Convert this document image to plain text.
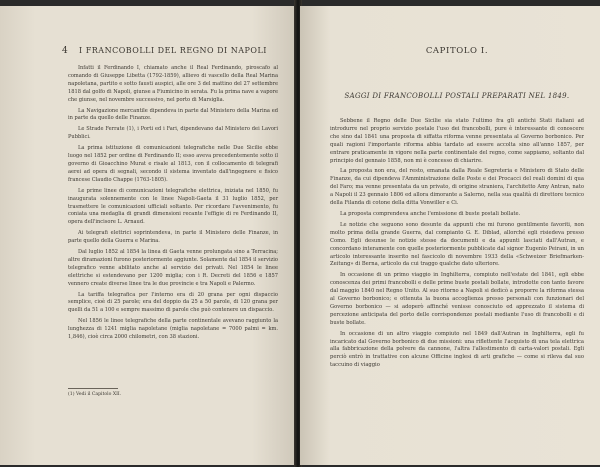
4 I FRANCOBOLLI DEL REGNO DI NAPOLI

Infatti il Ferdinando I, chiamato anche il Real Ferdinando, piroscafo al comando di Giuseppe Libetta (1792-1859), allievo di vascello della Real Marina napoletana, partito e sotto fausti auspici, alle ore 3 del mattino del 27 settembre 1818 dal golfo di Napoli, giunse a Fiumicino in serata. Fu la prima nave a vapore che giunse, nel novembre successivo, nel porto di Marsiglia.

La Navigazione mercantile dipendeva in parte dal Ministero della Marina ed in parte da quello delle Finanze.

Le Strade Ferrate (1), i Porti ed i Fari, dipendevano dal Ministero dei Lavori Pubblici.

La prima istituzione di comunicazioni telegrafiche nelle Due Sicilie ebbe luogo nel 1852 per ordine di Ferdinando II; esso aveva precedentemente sotto il governo di Gioacchino Murat e risale al 1813, con il collocamento di telegrafi aerei ad opera di segnali, secondo il sistema inventato dall'ingegnere e fisico francese Claudio Chappe (1763-1805).

Le prime linee di comunicazioni telegrafiche elettrica, iniziata nel 1850, fu inaugurata solennemente con le linee Napoli-Gaeta il 31 luglio 1852, per trasmettere le comunicazioni ufficiali soltanto. Per ricordare l'avvenimento, fu coniata una medaglia di grandi dimensioni recante l'effigie di re Ferdinando II, opera dell'incisore L. Arnaud.

Ai telegrafi elettrici soprintendeva, in parte il Ministero delle Finanze, in parte quello della Guerra e Marina.

Dal luglio 1852 al 1854 la linea di Gaeta venne prolungata sino a Terracina; altre diramazioni furono posteriormente aggiunte. Solamente dal 1854 il servizio telegrafico venne abilitato anche al servizio dei privati. Nel 1854 le linee elettriche si estendevano per 1200 miglia; con i R. Decreti del 1856 e 1857 vennero create diverse linee tra le due provincie e tra Napoli e Palermo.

La tariffa telegrafica per l'interno era di 20 grana per ogni dispaccio semplice, cioè di 25 parole; era del doppio da 25 a 50 parole, di 120 grana per quelli da 51 a 100 e sempre massimo di parole che può contenere un dispaccio.

Nel 1856 le linee telegrafiche della parte continentale avevano raggiunto la lunghezza di 1241 miglia napoletane (miglia napoletane = 7000 palmi = km. 1,846), cioè circa 2000 chilometri, con 38 stazioni.

(1) Vedi il Capitolo XII.
CAPITOLO I.
SAGGI DI FRANCOBOLLI POSTALI PREPARATI NEL 1849.

Sebbene il Regno delle Due Sicilie sia stato l'ultimo fra gli antichi Stati italiani ad introdurre nel proprio servizio postale l'uso dei francobolli, pure è interessante di conoscere che sino dal 1841 una proposta di siffatta riforma venne presentata al Governo borbonico. Per quali ragioni l'importante riforma abbia tardato ad essere accolta sino all'anno 1857, per entrare praticamente in vigore nella parte continentale del regno, come sappiamo, soltanto dal principio del gennaio 1858, non mi è concesso di chiarire.

La proposta non era, del resto, emanata dalla Reale Segreteria e Ministero di Stato delle Finanze, da cui dipendeva l'Amministrazione delle Poste e dei Procacci del reali domini di qua del Faro; ma venne presentata da un privato, di origine straniera, l'architetto Amy Antran, nato a Napoli il 23 gennaio 1806 ed allora dimorante a Salerno, nella sua qualità di direttore tecnico della Filanda di cotone della ditta Vonwiller e Ci.

La proposta comprendeva anche l'emissione di buste postali bollate.

Le notizie che seguono sono desunte da appunti che mi furono gentilmente favoriti, non molto prima della grande Guerra, dal compianto G. E. Diblad, allorché egli risiedeva presso Como. Egli desunse le notizie stesse da documenti e da appunti lasciati dall'Autran, e concordano interamente con quelle posteriormente pubblicate dal signor Eugenio Peirani, in un articolo interessante inserito nel fascicolo di novembre 1933 della «Schweizer Briefmarken-Zeitung» di Berna, articolo da cui traggo qualche dato ulteriore.

In occasione di un primo viaggio in Inghilterra, compiuto nell'estate del 1841, egli ebbe conoscenza dei primi francobolli e delle prime buste postali bollate, introdotte con tanto favore dal maggio 1840 nel Regno Unito. Al suo ritorno a Napoli si dedicò a proporre la riforma stessa al Governo borbonico; e ottenuta la buona accoglienza presso personali con funzionari del Governo borbonico — si adoperò affinché venisse conosciuto ed apprezzato il sistema di percezione anticipata del porto delle corrispondenze postali mediante l'uso di francobolli e di buste bollate.

In occasione di un altro viaggio compiuto nel 1849 dall'Autran in Inghilterra, egli fu incaricato dal Governo borbonico di due missioni: una riflettente l'acquisto di una tela elettrica alla fabbricazione della polvere da cannone, l'altra l'allestimento di carta-valori postali. Egli perciò entrò in trattative con alcune Officine inglesi di arti grafiche — come si rileva dal suo taccuino di viaggio
